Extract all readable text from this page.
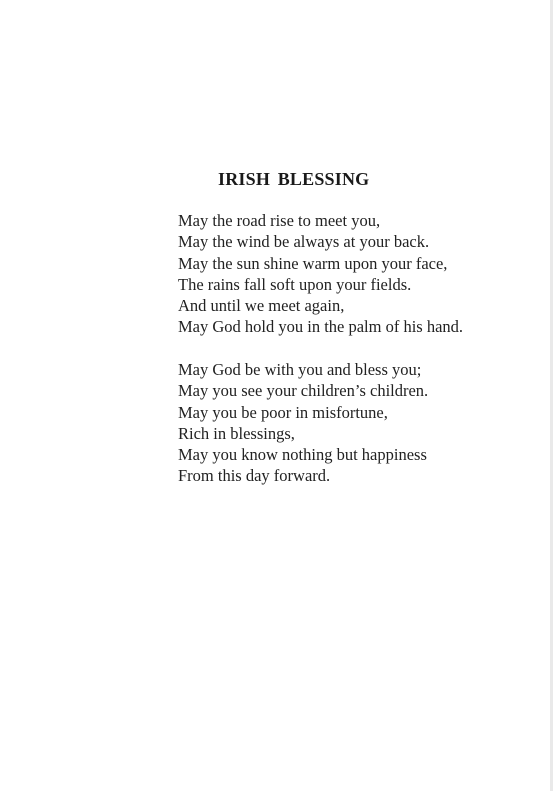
IRISH BLESSING
May the road rise to meet you,
May the wind be always at your back.
May the sun shine warm upon your face,
The rains fall soft upon your fields.
And until we meet again,
May God hold you in the palm of his hand.
May God be with you and bless you;
May you see your children’s children.
May you be poor in misfortune,
Rich in blessings,
May you know nothing but happiness
From this day forward.
